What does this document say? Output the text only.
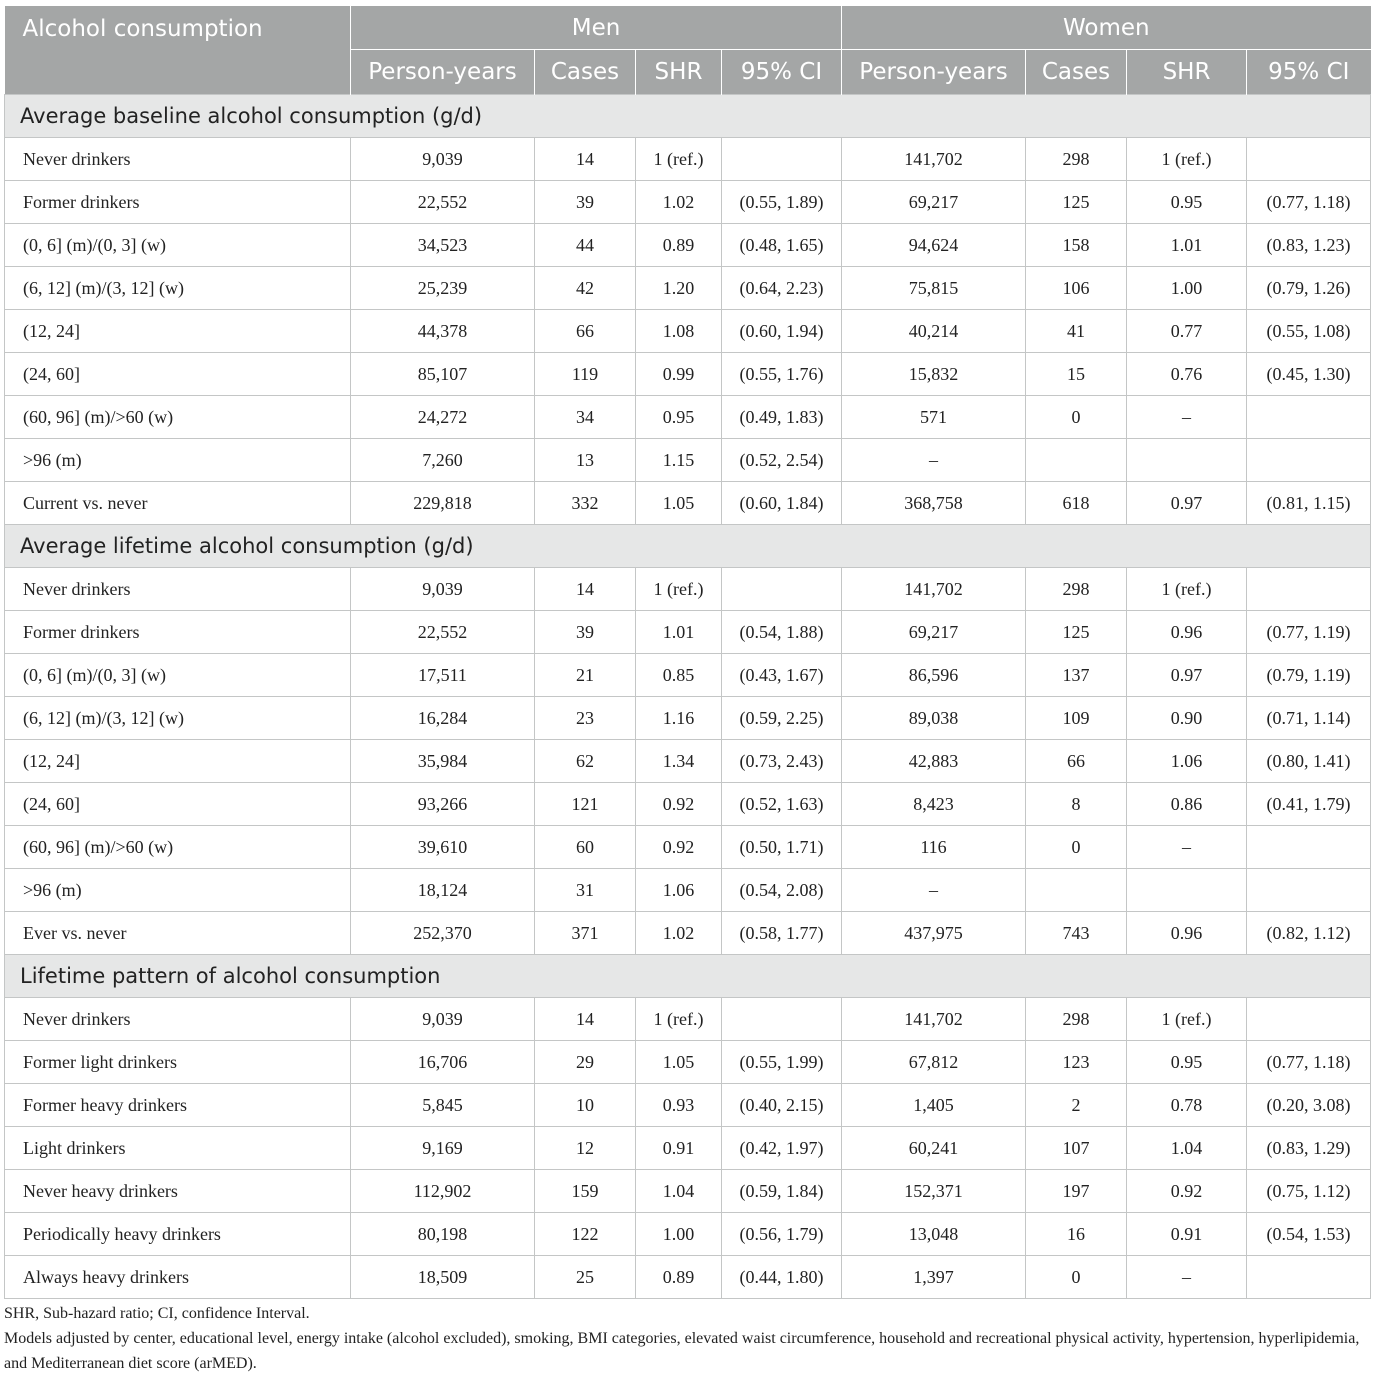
Alcohol consumption	Men				Women			
	Person-years	Cases	SHR	95% CI	Person-years	Cases	SHR	95% CI
Average baseline alcohol consumption (g/d)								
Never drinkers	9,039	14	1 (ref.)		141,702	298	1 (ref.)	
Former drinkers	22,552	39	1.02	(0.55, 1.89)	69,217	125	0.95	(0.77, 1.18)
(0, 6] (m)/(0, 3] (w)	34,523	44	0.89	(0.48, 1.65)	94,624	158	1.01	(0.83, 1.23)
(6, 12] (m)/(3, 12] (w)	25,239	42	1.20	(0.64, 2.23)	75,815	106	1.00	(0.79, 1.26)
(12, 24]	44,378	66	1.08	(0.60, 1.94)	40,214	41	0.77	(0.55, 1.08)
(24, 60]	85,107	119	0.99	(0.55, 1.76)	15,832	15	0.76	(0.45, 1.30)
(60, 96] (m)/>60 (w)	24,272	34	0.95	(0.49, 1.83)	571	0	–	
>96 (m)	7,260	13	1.15	(0.52, 2.54)	–			
Current vs. never	229,818	332	1.05	(0.60, 1.84)	368,758	618	0.97	(0.81, 1.15)
Average lifetime alcohol consumption (g/d)								
Never drinkers	9,039	14	1 (ref.)		141,702	298	1 (ref.)	
Former drinkers	22,552	39	1.01	(0.54, 1.88)	69,217	125	0.96	(0.77, 1.19)
(0, 6] (m)/(0, 3] (w)	17,511	21	0.85	(0.43, 1.67)	86,596	137	0.97	(0.79, 1.19)
(6, 12] (m)/(3, 12] (w)	16,284	23	1.16	(0.59, 2.25)	89,038	109	0.90	(0.71, 1.14)
(12, 24]	35,984	62	1.34	(0.73, 2.43)	42,883	66	1.06	(0.80, 1.41)
(24, 60]	93,266	121	0.92	(0.52, 1.63)	8,423	8	0.86	(0.41, 1.79)
(60, 96] (m)/>60 (w)	39,610	60	0.92	(0.50, 1.71)	116	0	–	
>96 (m)	18,124	31	1.06	(0.54, 2.08)	–			
Ever vs. never	252,370	371	1.02	(0.58, 1.77)	437,975	743	0.96	(0.82, 1.12)
Lifetime pattern of alcohol consumption								
Never drinkers	9,039	14	1 (ref.)		141,702	298	1 (ref.)	
Former light drinkers	16,706	29	1.05	(0.55, 1.99)	67,812	123	0.95	(0.77, 1.18)
Former heavy drinkers	5,845	10	0.93	(0.40, 2.15)	1,405	2	0.78	(0.20, 3.08)
Light drinkers	9,169	12	0.91	(0.42, 1.97)	60,241	107	1.04	(0.83, 1.29)
Never heavy drinkers	112,902	159	1.04	(0.59, 1.84)	152,371	197	0.92	(0.75, 1.12)
Periodically heavy drinkers	80,198	122	1.00	(0.56, 1.79)	13,048	16	0.91	(0.54, 1.53)
Always heavy drinkers	18,509	25	0.89	(0.44, 1.80)	1,397	0	–	
SHR, Sub-hazard ratio; CI, confidence Interval.
Models adjusted by center, educational level, energy intake (alcohol excluded), smoking, BMI categories, elevated waist circumference, household and recreational physical activity, hypertension, hyperlipidemia, and Mediterranean diet score (arMED).
